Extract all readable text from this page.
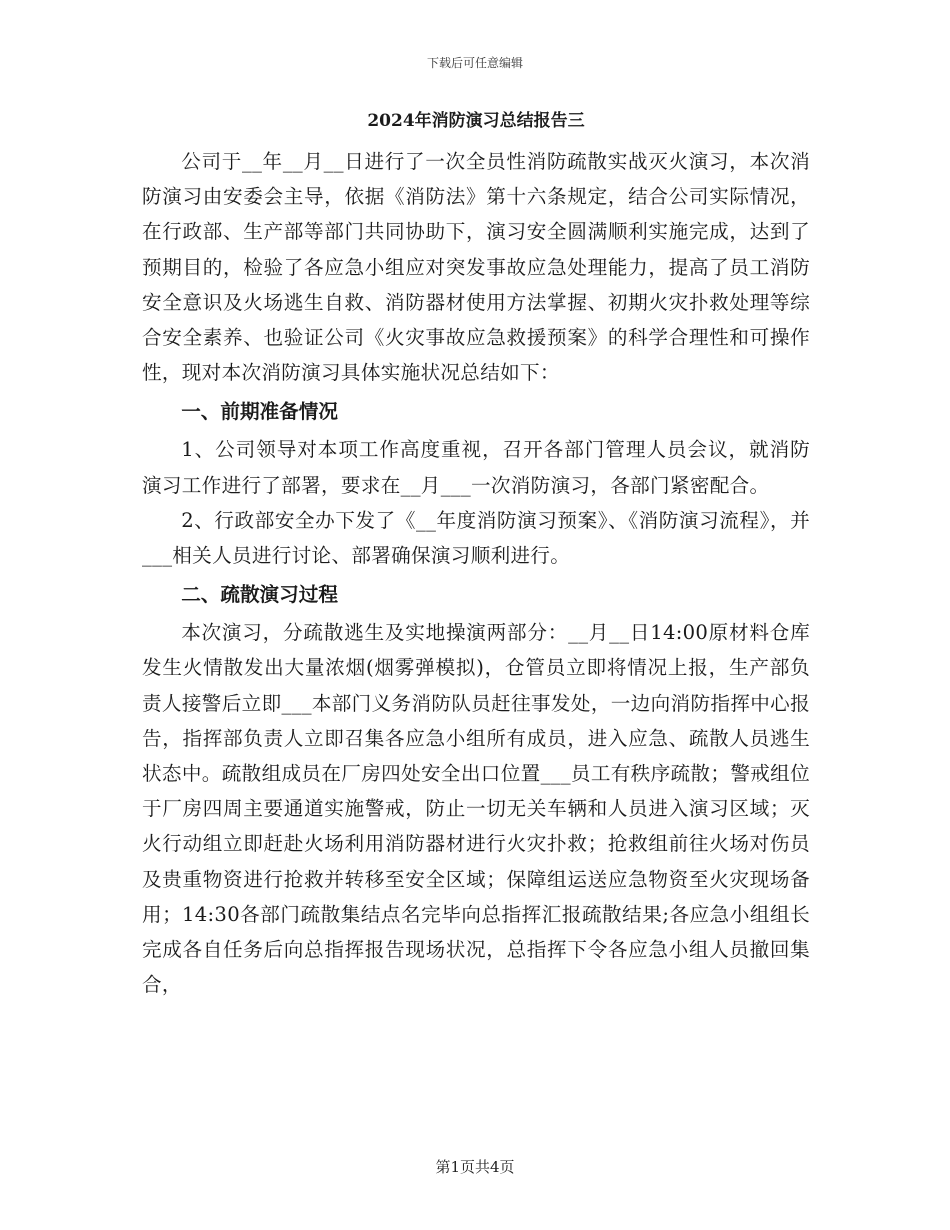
下载后可任意编辑
2024年消防演习总结报告三

公司于__年__月__日进行了一次全员性消防疏散实战灭火演习，本次消防演习由安委会主导，依据《消防法》第十六条规定，结合公司实际情况，在行政部、生产部等部门共同协助下，演习安全圆满顺利实施完成，达到了预期目的，检验了各应急小组应对突发事故应急处理能力，提高了员工消防安全意识及火场逃生自救、消防器材使用方法掌握、初期火灾扑救处理等综合安全素养、也验证公司《火灾事故应急救援预案》的科学合理性和可操作性，现对本次消防演习具体实施状况总结如下：

一、前期准备情况

1、公司领导对本项工作高度重视，召开各部门管理人员会议，就消防演习工作进行了部署，要求在__月___一次消防演习，各部门紧密配合。

2、行政部安全办下发了《__年度消防演习预案》、《消防演习流程》，并___相关人员进行讨论、部署确保演习顺利进行。

二、疏散演习过程

本次演习，分疏散逃生及实地操演两部分：__月__日14:00原材料仓库发生火情散发出大量浓烟(烟雾弹模拟)，仓管员立即将情况上报，生产部负责人接警后立即___本部门义务消防队员赶往事发处，一边向消防指挥中心报告，指挥部负责人立即召集各应急小组所有成员，进入应急、疏散人员逃生状态中。疏散组成员在厂房四处安全出口位置___员工有秩序疏散；警戒组位于厂房四周主要通道实施警戒，防止一切无关车辆和人员进入演习区域；灭火行动组立即赶赴火场利用消防器材进行火灾扑救；抢救组前往火场对伤员及贵重物资进行抢救并转移至安全区域；保障组运送应急物资至火灾现场备用；14:30各部门疏散集结点名完毕向总指挥汇报疏散结果;各应急小组组长完成各自任务后向总指挥报告现场状况，总指挥下令各应急小组人员撤回集合，

第1页共4页
